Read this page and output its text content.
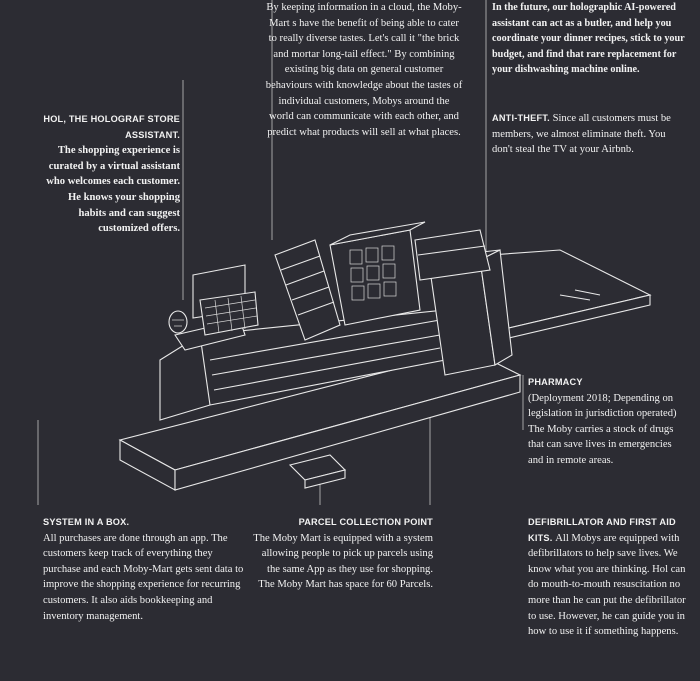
By keeping information in a cloud, the Moby-Mart s have the benefit of being able to cater to really diverse tastes. Let's call it "the brick and mortar long-tail effect." By combining existing big data on general customer behaviours with knowledge about the tastes of individual customers, Mobys around the world can communicate with each other, and predict what products will sell at what places.
In the future, our holographic AI-powered assistant can act as a butler, and help you coordinate your dinner recipes, stick to your budget, and find that rare replacement for your dishwashing machine online.
HOL, THE HOLOGRAF STORE ASSISTANT.
The shopping experience is curated by a virtual assistant who welcomes each customer. He knows your shopping habits and can suggest customized offers.
ANTI-THEFT. Since all customers must be members, we almost eliminate theft. You don't steal the TV at your Airbnb.
PHARMACY
(Deployment 2018; Depending on legislation in jurisdiction operated) The Moby carries a stock of drugs that can save lives in emergencies and in remote areas.
SYSTEM IN A BOX.
All purchases are done through an app. The customers keep track of everything they purchase and each Moby-Mart gets sent data to improve the shopping experience for recurring customers. It also aids bookkeeping and inventory management.
PARCEL COLLECTION POINT
The Moby Mart is equipped with a system allowing people to pick up parcels using the same App as they use for shopping. The Moby Mart has space for 60 Parcels.
DEFIBRILLATOR AND FIRST AID KITS. All Mobys are equipped with defibrillators to help save lives. We know what you are thinking. Hol can do mouth-to-mouth resuscitation no more than he can put the defibrillator to use. However, he can guide you in how to use it if something happens.
